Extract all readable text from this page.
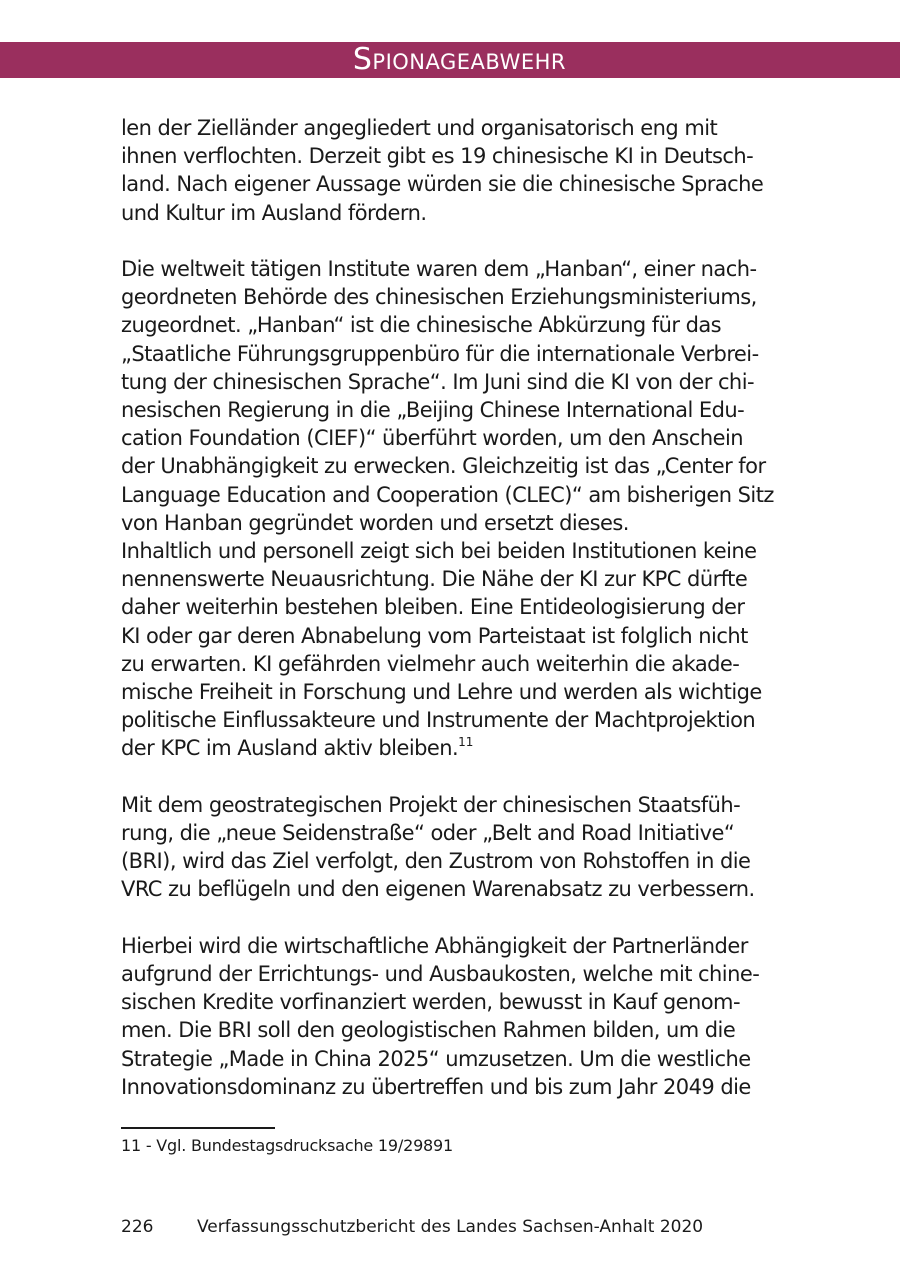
Spionageabwehr
len der Zielländer angegliedert und organisatorisch eng mit
ihnen verflochten. Derzeit gibt es 19 chinesische KI in Deutsch-
land. Nach eigener Aussage würden sie die chinesische Sprache
und Kultur im Ausland fördern.
Die weltweit tätigen Institute waren dem „Hanban“, einer nach-
geordneten Behörde des chinesischen Erziehungsministeriums,
zugeordnet. „Hanban“ ist die chinesische Abkürzung für das
„Staatliche Führungsgruppenbüro für die internationale Verbrei-
tung der chinesischen Sprache“. Im Juni sind die KI von der chi-
nesischen Regierung in die „Beijing Chinese International Edu-
cation Foundation (CIEF)“ überführt worden, um den Anschein
der Unabhängigkeit zu erwecken. Gleichzeitig ist das „Center for
Language Education and Cooperation (CLEC)“ am bisherigen Sitz
von Hanban gegründet worden und ersetzt dieses.
Inhaltlich und personell zeigt sich bei beiden Institutionen keine
nennenswerte Neuausrichtung. Die Nähe der KI zur KPC dürfte
daher weiterhin bestehen bleiben. Eine Entideologisierung der
KI oder gar deren Abnabelung vom Parteistaat ist folglich nicht
zu erwarten. KI gefährden vielmehr auch weiterhin die akade-
mische Freiheit in Forschung und Lehre und werden als wichtige
politische Einflussakteure und Instrumente der Machtprojektion
der KPC im Ausland aktiv bleiben.$^{11}$
Mit dem geostrategischen Projekt der chinesischen Staatsfüh-
rung, die „neue Seidenstraße“ oder „Belt and Road Initiative“
(BRI), wird das Ziel verfolgt, den Zustrom von Rohstoffen in die
VRC zu beflügeln und den eigenen Warenabsatz zu verbessern.
Hierbei wird die wirtschaftliche Abhängigkeit der Partnerländer
aufgrund der Errichtungs- und Ausbaukosten, welche mit chine-
sischen Kredite vorfinanziert werden, bewusst in Kauf genom-
men. Die BRI soll den geologistischen Rahmen bilden, um die
Strategie „Made in China 2025“ umzusetzen. Um die westliche
Innovationsdominanz zu übertreffen und bis zum Jahr 2049 die
11 - Vgl. Bundestagsdrucksache 19/29891
226	Verfassungsschutzbericht des Landes Sachsen-Anhalt 2020
